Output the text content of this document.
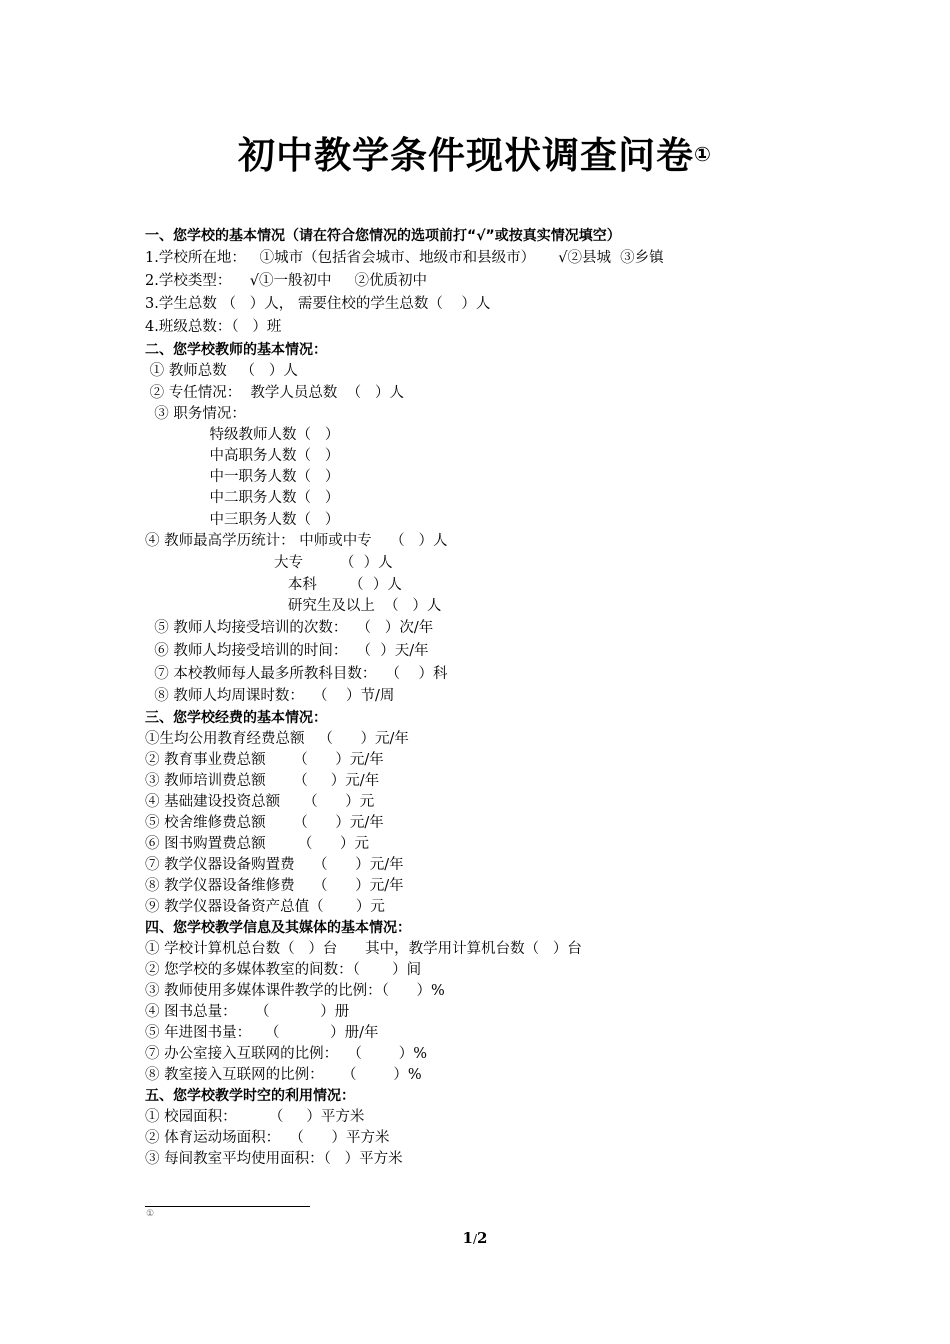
初中教学条件现状调查问卷①
一、您学校的基本情况（请在符合您情况的选项前打“√”或按真实情况填空）
1.学校所在地：   ①城市（包括省会城市、地级市和县级市）     √②县城  ③乡镇
2.学校类型：    √①一般初中     ②优质初中
3.学生总数 （   ）人， 需要住校的学生总数（    ）人
4.班级总数：（   ）班
二、您学校教师的基本情况：
① 教师总数   （   ）人
② 专任情况：  教学人员总数  （   ）人
③ 职务情况：
特级教师人数（   ）
中高职务人数（   ）
中一职务人数（   ）
中二职务人数（   ）
中三职务人数（   ）
④ 教师最高学历统计： 中师或中专    （   ）人
大专        （  ）人
本科       （  ）人
研究生及以上  （   ）人
⑤ 教师人均接受培训的次数：  （   ）次/年
⑥ 教师人均接受培训的时间：  （  ）天/年
⑦ 本校教师每人最多所教科目数：  （    ）科
⑧ 教师人均周课时数：  （    ）节/周
三、您学校经费的基本情况：
①生均公用教育经费总额   （      ）元/年
② 教育事业费总额      （      ）元/年
③ 教师培训费总额      （     ）元/年
④ 基础建设投资总额     （      ）元
⑤ 校舍维修费总额      （      ）元/年
⑥ 图书购置费总额       （      ）元
⑦ 教学仪器设备购置费    （      ）元/年
⑧ 教学仪器设备维修费    （      ）元/年
⑨ 教学仪器设备资产总值（       ）元
四、您学校教学信息及其媒体的基本情况：
① 学校计算机总台数（   ）台      其中，教学用计算机台数（   ）台
② 您学校的多媒体教室的间数：（       ）间
③ 教师使用多媒体课件教学的比例：（      ）%
④ 图书总量：    （           ）册
⑤ 年进图书量：   （           ）册/年
⑦ 办公室接入互联网的比例：  （        ）%
⑧ 教室接入互联网的比例：    （        ）%
五、您学校教学时空的利用情况：
① 校园面积：       （     ）平方米
② 体育运动场面积：  （      ）平方米
③ 每间教室平均使用面积：（   ）平方米
①
1/2
